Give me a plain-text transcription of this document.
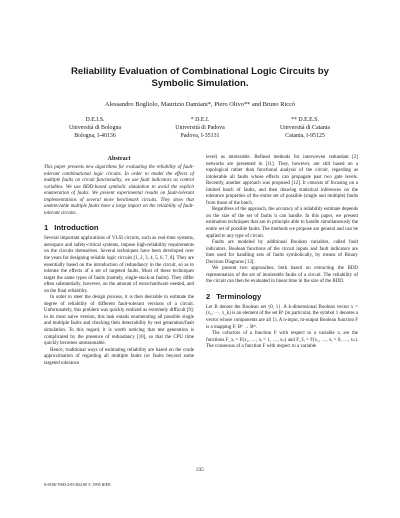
Reliability Evaluation of Combinational Logic Circuits by Symbolic Simulation.
Alessandro Bogliolo, Maurizio Damiani*, Piero Olivo** and Bruno Riccò
D.E.I.S.
Università di Bologna
Bologna, I-40136
* D.E.I.
Università di Padova
Padova, I-35131
** D.E.E.S.
Università di Catania
Catania, I-95125
Abstract

This paper presents new algorithms for evaluating the reliability of fault-tolerant combinational logic circuits. In order to model the effects of multiple faults on circuit functionality, we use fault indicators as control variables. We use BDD-based symbolic simulation to avoid the explicit enumeration of faults. We present experimental results on fault-tolerant implementations of several more benchmark circuits. They show that undetectable multiple faults have a large impact on the reliability of fault-tolerant circuits.

1 Introduction

Several important applications of VLSI circuits, such as real-time systems, aerospace and safety-critical systems, impose high-reliability requirements on the circuits themselves. Several techniques have been developed over the years for designing reliable logic circuits [1, 2, 3, 4, 5, 6, 7, 8]. They are essentially based on the introduction of redundancy in the circuit, so as to tolerate the effects of a set of targeted faults. Most of these techniques target the same types of faults (namely, single-stuck-at faults). They differ often substantially, however, on the amount of extra-hardware needed, and on the final reliability.

In order to steer the design process, it is then desirable to estimate the degree of reliability of different fault-tolerant versions of a circuit. Unfortunately, this problem was quickly realized as extremely difficult [9]: in its most naive version, this task entails enumerating all possible single and multiple faults and checking their detectability by test generation/fault simulation. To this regard, it is worth noticing that test generation is complicated by the presence of redundancy [10], so that the CPU time quickly becomes unreasonable.

Hence, traditional ways of estimating reliability are based on the crude approximation of regarding all multiple faults (or faults beyond some targeted tolerance

level) as intolerable. Refined methods for interwoven redundant [2] networks are presented in [11]. They, however, are still based on a topological rather than functional analysis of the circuit, regarding as intolerable all faults whose effects can propagate past two gate levels. Recently, another approach was proposed [12]. It consists of focusing on a limited batch of faults, and then drawing statistical inferences on the tolerance properties of the entire set of possible (single and multiple) faults from those of the batch.

Regardless of the approach, the accuracy of a reliability estimate depends on the size of the set of faults it can handle. In this paper, we present estimation techniques that are in principle able to handle simultaneously the entire set of possible faults. The methods we propose are general and can be applied to any type of circuit.

Faults are modeled by additional Boolean variables, called fault indicators. Boolean functions of the circuit inputs and fault indicators are then used for handling sets of faults symbolically, by means of Binary Decision Diagrams [13].

We present two approaches, both based on extracting the BDD representation of the set of intolerable faults of a circuit. The reliability of the circuit can then be evaluated in linear time in the size of the BDD.

2 Terminology

Let B denote the Boolean set {0, 1}. A k-dimensional Boolean vector x = (x₁, ···, x_k) is an element of the set Bᵏ (in particular, the symbol 1 denotes a vector whose components are all 1). A n-input, m-output Boolean function F is a mapping F: Bⁿ → Bᵐ.

The cofactors of a function F with respect to a variable xᵢ are the functions F_xᵢ = F(x₁, …, xᵢ = 1, …, xₙ) and F_x̄ᵢ = F(x₁, …, xᵢ = 0, …, xₙ). The consensus of a function F with respect to a variable

235
0-8186-7000-2/95 $04.00 © 1995 IEEE
